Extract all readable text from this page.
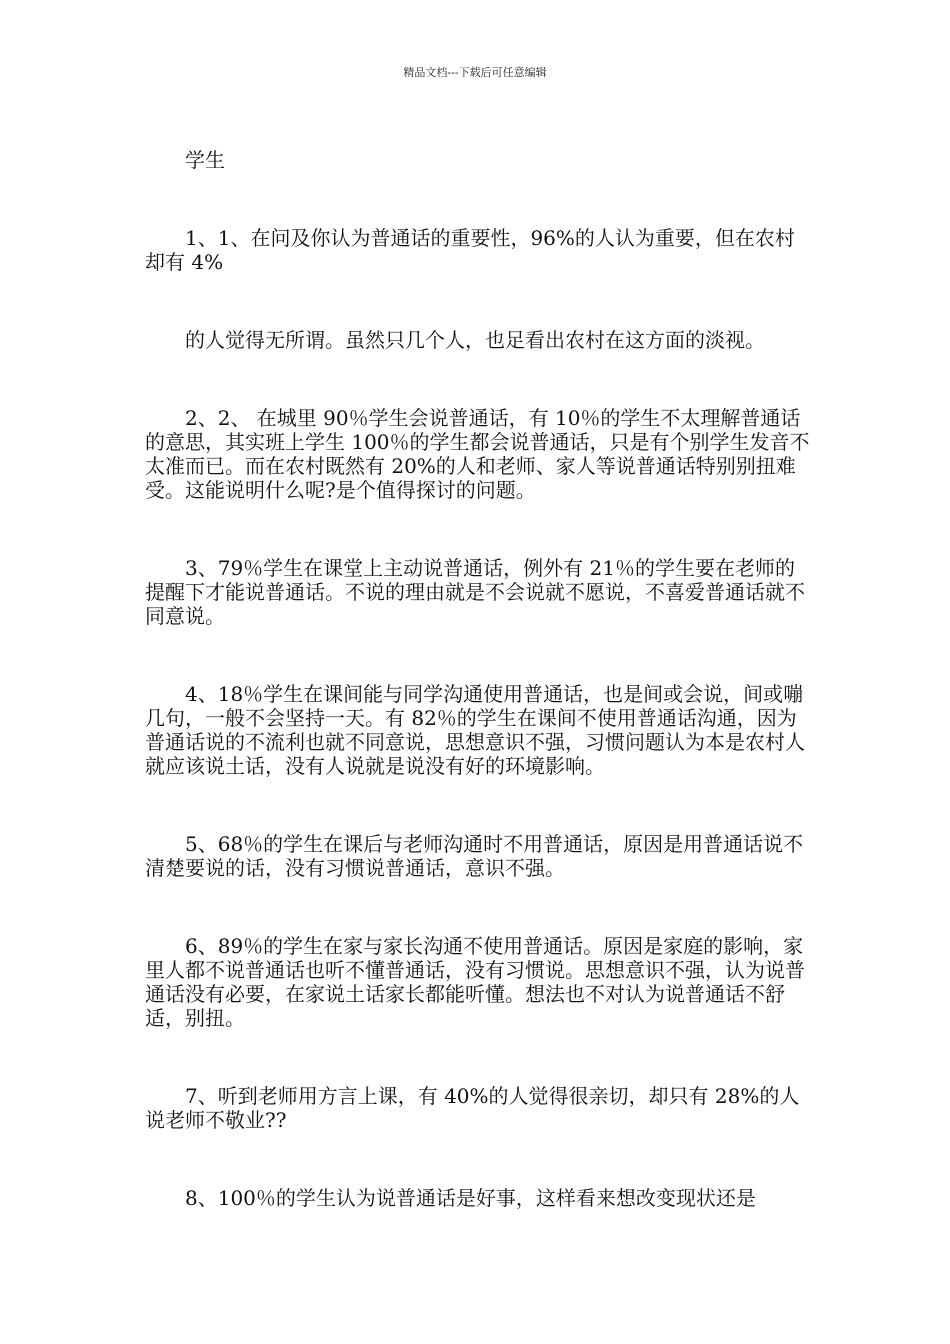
精品文档---下载后可任意编辑

学生

1、1、在问及你认为普通话的重要性，96%的人认为重要，但在农村却有 4%

的人觉得无所谓。虽然只几个人，也足看出农村在这方面的淡视。

2、2、 在城里 90％学生会说普通话，有 10％的学生不太理解普通话的意思，其实班上学生 100％的学生都会说普通话，只是有个别学生发音不太准而已。而在农村既然有 20%的人和老师、家人等说普通话特别别扭难受。这能说明什么呢?是个值得探讨的问题。

3、79％学生在课堂上主动说普通话，例外有 21％的学生要在老师的提醒下才能说普通话。不说的理由就是不会说就不愿说，不喜爱普通话就不同意说。

4、18％学生在课间能与同学沟通使用普通话，也是间或会说，间或嘣几句，一般不会坚持一天。有 82％的学生在课间不使用普通话沟通，因为普通话说的不流利也就不同意说，思想意识不强，习惯问题认为本是农村人就应该说土话，没有人说就是说没有好的环境影响。

5、68％的学生在课后与老师沟通时不用普通话，原因是用普通话说不清楚要说的话，没有习惯说普通话，意识不强。

6、89％的学生在家与家长沟通不使用普通话。原因是家庭的影响，家里人都不说普通话也听不懂普通话，没有习惯说。思想意识不强，认为说普通话没有必要，在家说土话家长都能听懂。想法也不对认为说普通话不舒适，别扭。

7、听到老师用方言上课，有 40%的人觉得很亲切，却只有 28%的人说老师不敬业??

8、100％的学生认为说普通话是好事，这样看来想改变现状还是
